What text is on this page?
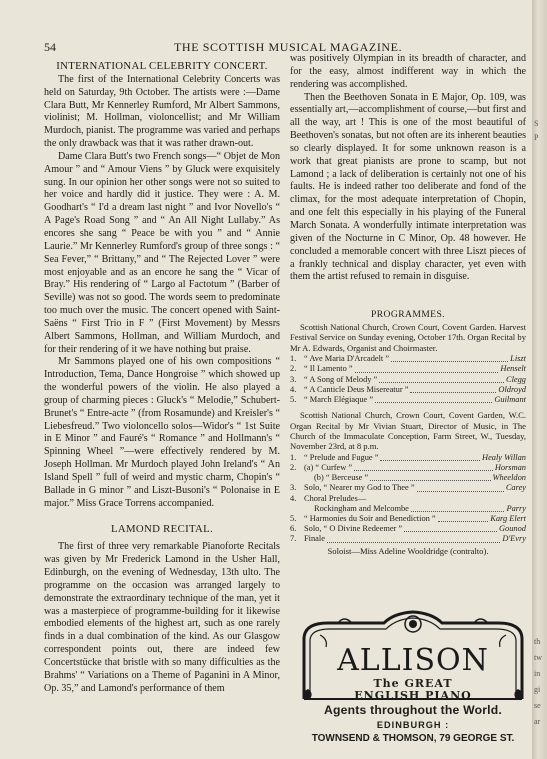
54	THE SCOTTISH MUSICAL MAGAZINE.
INTERNATIONAL CELEBRITY CONCERT.

The first of the International Celebrity Concerts was held on Saturday, 9th October. The artists were :—Dame Clara Butt, Mr Kennerley Rumford, Mr Albert Sammons, violinist; M. Hollman, violoncellist; and Mr William Murdoch, pianist. The programme was varied and perhaps the only drawback was that it was rather drawn-out.

Dame Clara Butt's two French songs—“ Objet de Mon Amour ” and “ Amour Viens ” by Gluck were exquisitely sung. In our opinion her other songs were not so suited to her voice and hardly did it justice. They were : A. M. Goodhart's “ I'd a dream last night ” and Ivor Novello's “ A Page's Road Song ” and “ An All Night Lullaby.” As encores she sang “ Peace be with you ” and “ Annie Laurie.” Mr Kennerley Rumford's group of three songs : “ Sea Fever,” “ Brittany,” and “ The Rejected Lover ” were most enjoyable and as an encore he sang the “ Vicar of Bray.” His rendering of “ Largo al Factotum ” (Barber of Seville) was not so good. The words seem to predominate too much over the music. The concert opened with Saint-Saëns “ First Trio in F ” (First Movement) by Messrs Albert Sammons, Hollman, and William Murdoch, and for their rendering of it we have nothing but praise.

Mr Sammons played one of his own compositions “ Introduction, Tema, Dance Hongroise ” which showed up the wonderful powers of the violin. He also played a group of charming pieces : Gluck's “ Melodie,” Schubert-Brunet's “ Entre-acte ” (from Rosamunde) and Kreisler's “ Liebesfreud.” Two violoncello solos—Widor's “ 1st Suite in E Minor ” and Fauré's “ Romance ” and Hollmann's “ Spinning Wheel ”—were effectively rendered by M. Joseph Hollman. Mr Murdoch played John Ireland's “ An Island Spell ” full of weird and mystic charm, Chopin's “ Ballade in G minor ” and Liszt-Busoni's “ Polonaise in E major.” Miss Grace Torrens accompanied.

LAMOND RECITAL.

The first of three very remarkable Pianoforte Recitals was given by Mr Frederick Lamond in the Usher Hall, Edinburgh, on the evening of Wednesday, 13th ulto. The programme on the occasion was arranged largely to demonstrate the extraordinary technique of the man, yet it was a masterpiece of programme-building for it likewise embodied elements of the highest art, such as one rarely finds in a dual combination of the kind. As our Glasgow correspondent points out, there are indeed few Concertstücke that bristle with so many difficulties as the Brahms' “ Variations on a Theme of Paganini in A Minor, Op. 35,” and Lamond's performance of them

was positively Olympian in its breadth of character, and for the easy, almost indifferent way in which the rendering was accomplished.

Then the Beethoven Sonata in E Major, Op. 109, was essentially art,—accomplishment of course,—but first and all the way, art ! This is one of the most beautiful of Beethoven's sonatas, but not often are its inherent beauties so clearly displayed. It for some unknown reason is a work that great pianists are prone to scamp, but not Lamond ; a lack of deliberation is certainly not one of his faults. He is indeed rather too deliberate and fond of the climax, for the most adequate interpretation of Chopin, and one felt this especially in his playing of the Funeral March Sonata. A wonderfully intimate interpretation was given of the Nocturne in C Minor, Op. 48 however. He concluded a memorable concert with three Liszt pieces of a frankly technical and display character, yet even with them the artist refused to remain in disguise.

PROGRAMMES.
Scottish National Church, Crown Court, Covent Garden. Harvest Festival Service on Sunday evening, October 17th. Organ Recital by Mr A. Edwards, Organist and Choirmaster.
1. “ Ave Maria D'Arcadelt ”	Liszt
2. “ Il Lamento ”	Henselt
3. “ A Song of Melody ”	Clegg
4. “ A Canticle Deus Misereatur ”	Oldroyd
5. “ March Elégiaque ”	Guilmant
Scottish National Church, Crown Court, Covent Garden, W.C. Organ Recital by Mr Vivian Stuart, Director of Music, in The Church of the Immaculate Conception, Farm Street, W., Tuesday, November 23rd, at 8 p.m.
1. “ Prelude and Fugue ”	Healy Willan
2. (a) “ Curfew ”	Horsman
(b) “ Berceuse ”	Wheeldon
3. Solo, “ Nearer my God to Thee ”	Carey
4. Choral Preludes—
Rockingham and Melcombe	Parry
5. “ Harmonies du Soir and Benediction ”	Karg Elert
6. Solo, “ O Divine Redeemer ”	Gounod
7. Finale	D'Evry
Soloist—Miss Adeline Wooldridge (contralto).
ALLISON
The GREAT
ENGLISH PIANO
Agents throughout the World.
EDINBURGH :
TOWNSEND & THOMSON, 79 GEORGE ST.
S
P
th
tw
in
gi
se
ar
